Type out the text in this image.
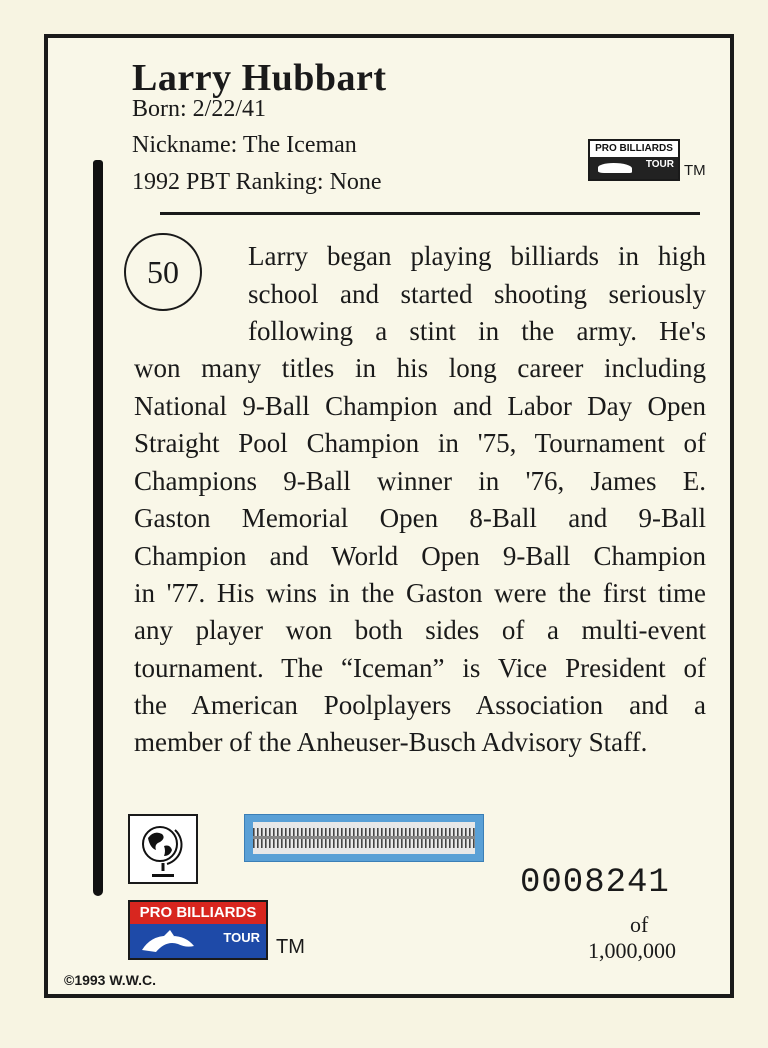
Larry Hubbart
Born: 2/22/41
Nickname: The Iceman
1992 PBT Ranking: None
PRO BILLIARDS
TOUR TM
50	Larry began playing billiards in high
school and started shooting seriously
following a stint in the army. He's
won many titles in his long career including
National 9-Ball Champion and Labor Day Open
Straight Pool Champion in '75, Tournament of
Champions 9-Ball winner in '76, James E.
Gaston Memorial Open 8-Ball and 9-Ball
Champion and World Open 9-Ball Champion
in '77. His wins in the Gaston were the first time
any player won both sides of a multi-event
tournament. The “Iceman” is Vice President of
the American Poolplayers Association and a
member of the Anheuser-Busch Advisory Staff.
0008241
of
1,000,000
PRO BILLIARDS
TOUR TM
©1993 W.W.C.
